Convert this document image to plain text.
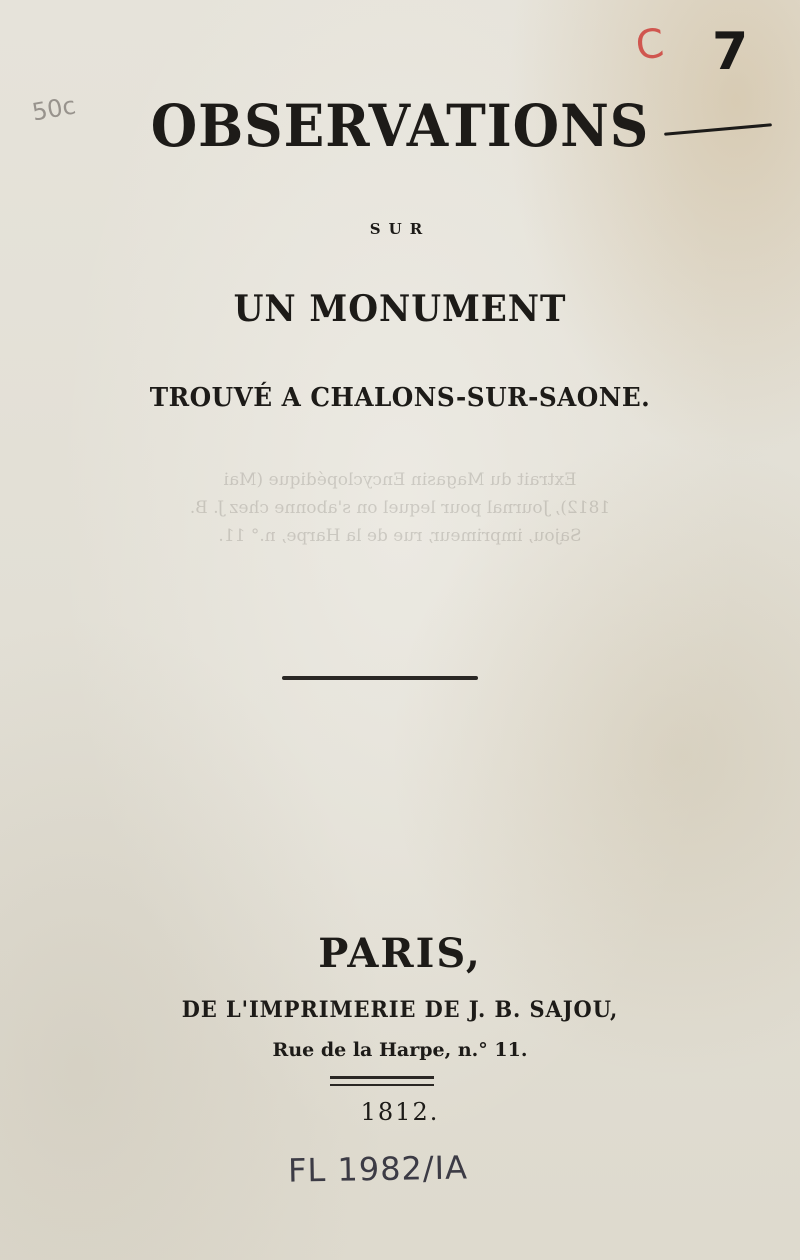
Extrait du Magasin Encyclopédique (Mai
1812), Journal pour lequel on s'abonne chez J. B.
Sajou, imprimeur, rue de la Harpe, n.° 11.
OBSERVATIONS
SUR
UN MONUMENT
TROUVÉ A CHALONS-SUR-SAONE.
PARIS,
DE L'IMPRIMERIE DE J. B. SAJOU,
Rue de la Harpe, n.° 11.
1812.
50c
C 7
FL 1982/IA
